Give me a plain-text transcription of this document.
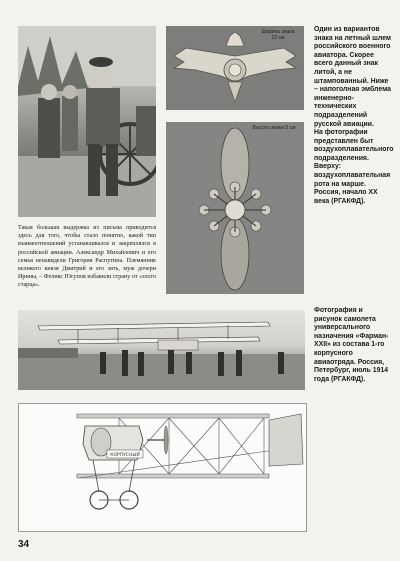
Такая большая выдержка из письма приводится здесь для того, чтобы стало понятно, какой тип взаимоотношений устанавливался и закреплялся в российской авиации. Александр Михайлович и его семья ненавидели Григория Распутина. Племянник великого князя Дмитрий и его зять, муж дочери Ирины, – Феликс Юсупов избавили страну от «злого старца».
Ширина знака
12 см
Высота знака 5 см
Один из вариантов знака на летный шлем российского военного авиатора. Скорее всего данный знак литой, а не штампованный. Ниже – напоголная эмблема инженерно-технических подразделений русской авиации.
На фотографии представлен быт воздухоплавательного подразделения. Вверху: воздухоплавательная рота на марше. Россия, начало XX века (РГАКФД).
Фотография и рисунок самолета универсального назначения «Фарман-XXII» из состава 1-го корпусного авиаотряда. Россия, Петербург, июль 1914 года (РГАКФД).
КОРПУСНЫЙ
34
